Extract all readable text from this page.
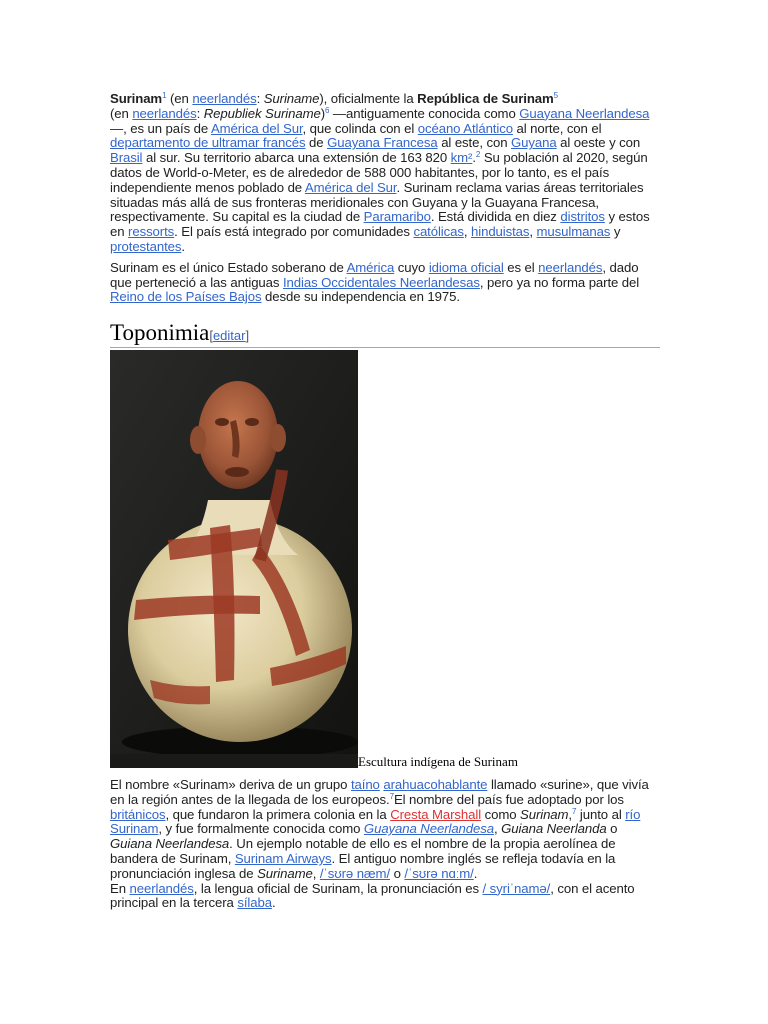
Surinam$^1$ (en neerlandés: Suriname), oficialmente la República de Surinam$^5$
(en neerlandés: Republiek Suriname)$^6$ —antiguamente conocida como Guayana Neerlandesa—, es un país de América del Sur, que colinda con el océano Atlántico al norte, con el departamento de ultramar francés de Guayana Francesa al este, con Guyana al oeste y con Brasil al sur. Su territorio abarca una extensión de 163 820 km².$^2$ Su población al 2020, según datos de World-o-Meter, es de alrededor de 588 000 habitantes, por lo tanto, es el país independiente menos poblado de América del Sur. Surinam reclama varias áreas territoriales situadas más allá de sus fronteras meridionales con Guyana y la Guayana Francesa, respectivamente. Su capital es la ciudad de Paramaribo. Está dividida en diez distritos y estos en ressorts. El país está integrado por comunidades católicas, hinduistas, musulmanas y protestantes.

Surinam es el único Estado soberano de América cuyo idioma oficial es el neerlandés, dado que perteneció a las antiguas Indias Occidentales Neerlandesas, pero ya no forma parte del Reino de los Países Bajos desde su independencia en 1975.

Toponimia[editar]
Escultura indígena de Surinam

El nombre «Surinam» deriva de un grupo taíno arahuacohablante llamado «surine», que vivía en la región antes de la llegada de los europeos.$^7$El nombre del país fue adoptado por los británicos, que fundaron la primera colonia en la Cresta Marshall como Surinam,$^7$ junto al río Surinam, y fue formalmente conocida como Guayana Neerlandesa, Guiana Neerlanda o Guiana Neerlandesa. Un ejemplo notable de ello es el nombre de la propia aerolínea de bandera de Surinam, Surinam Airways. El antiguo nombre inglés se refleja todavía en la pronunciación inglesa de Suriname, /ˈsʊrə næm/ o /ˈsʊrə nɑːm/.
En neerlandés, la lengua oficial de Surinam, la pronunciación es / syriˈnamə/, con el acento principal en la tercera sílaba.
